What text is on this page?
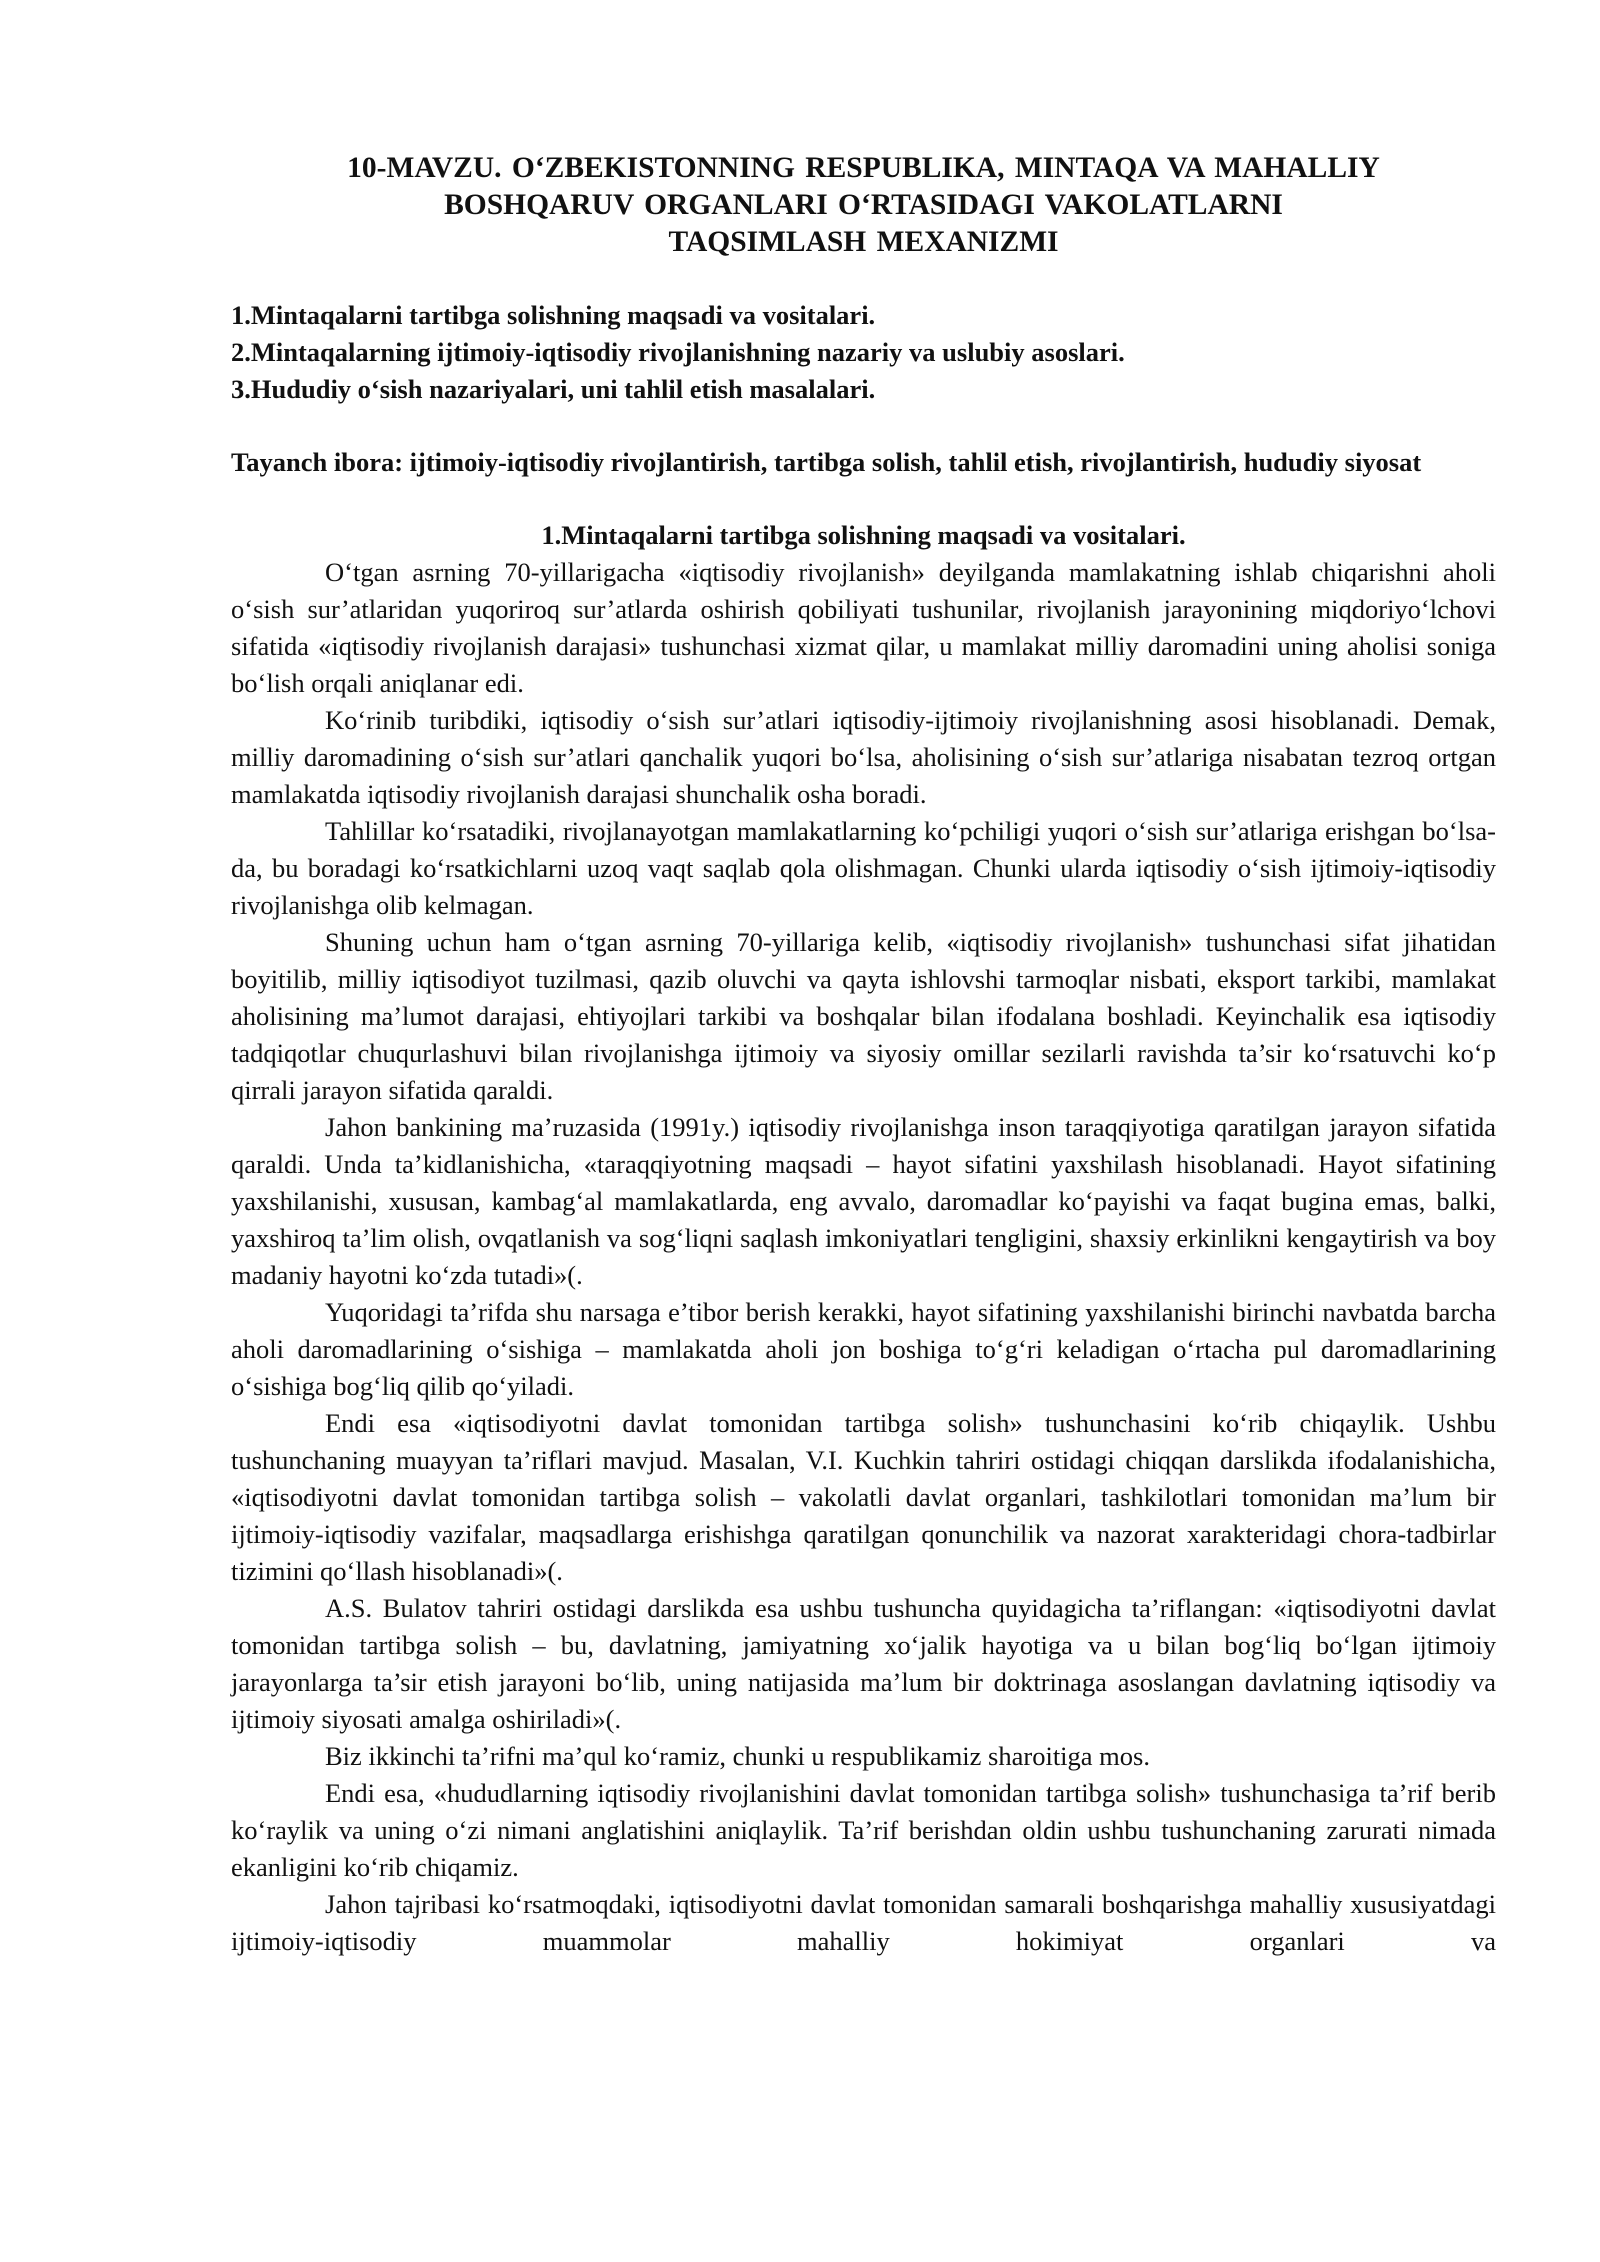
10-MAVZU. O‘ZBEKISTONNING RESPUBLIKA, MINTAQA VA MAHALLIY
BOSHQARUV ORGANLARI O‘RTASIDAGI VAKOLATLARNI
TAQSIMLASH MEXANIZMI
1.Mintaqalarni tartibga solishning maqsadi va vositalari.
2.Mintaqalarning ijtimoiy-iqtisodiy rivojlanishning nazariy va uslubiy asoslari.
3.Hududiy o‘sish nazariyalari, uni tahlil etish masalalari.

Tayanch ibora: ijtimoiy-iqtisodiy rivojlantirish, tartibga solish, tahlil etish, rivojlantirish, hududiy siyosat

1.Mintaqalarni tartibga solishning maqsadi va vositalari.

O‘tgan asrning 70-yillarigacha «iqtisodiy rivojlanish» deyilganda mamlakatning ishlab chiqarishni aholi o‘sish sur’atlaridan yuqoriroq sur’atlarda oshirish qobiliyati tushunilar, rivojlanish jarayonining miqdoriyo‘lchovi sifatida «iqtisodiy rivojlanish darajasi» tushunchasi xizmat qilar, u mamlakat milliy daromadini uning aholisi soniga bo‘lish orqali aniqlanar edi.

Ko‘rinib turibdiki, iqtisodiy o‘sish sur’atlari iqtisodiy-ijtimoiy rivojlanishning asosi hisoblanadi. Demak, milliy daromadining o‘sish sur’atlari qanchalik yuqori bo‘lsa, aholisining o‘sish sur’atlariga nisabatan tezroq ortgan mamlakatda iqtisodiy rivojlanish darajasi shunchalik osha boradi.

Tahlillar ko‘rsatadiki, rivojlanayotgan mamlakatlarning ko‘pchiligi yuqori o‘sish sur’atlariga erishgan bo‘lsa-da, bu boradagi ko‘rsatkichlarni uzoq vaqt saqlab qola olishmagan. Chunki ularda iqtisodiy o‘sish ijtimoiy-iqtisodiy rivojlanishga olib kelmagan.

Shuning uchun ham o‘tgan asrning 70-yillariga kelib, «iqtisodiy rivojlanish» tushunchasi sifat jihatidan boyitilib, milliy iqtisodiyot tuzilmasi, qazib oluvchi va qayta ishlovshi tarmoqlar nisbati, eksport tarkibi, mamlakat aholisining ma’lumot darajasi, ehtiyojlari tarkibi va boshqalar bilan ifodalana boshladi. Keyinchalik esa iqtisodiy tadqiqotlar chuqurlashuvi bilan rivojlanishga ijtimoiy va siyosiy omillar sezilarli ravishda ta’sir ko‘rsatuvchi ko‘p qirrali jarayon sifatida qaraldi.

Jahon bankining ma’ruzasida (1991y.) iqtisodiy rivojlanishga inson taraqqiyotiga qaratilgan jarayon sifatida qaraldi. Unda ta’kidlanishicha, «taraqqiyotning maqsadi – hayot sifatini yaxshilash hisoblanadi. Hayot sifatining yaxshilanishi, xususan, kambag‘al mamlakatlarda, eng avvalo, daromadlar ko‘payishi va faqat bugina emas, balki, yaxshiroq ta’lim olish, ovqatlanish va sog‘liqni saqlash imkoniyatlari tengligini, shaxsiy erkinlikni kengaytirish va boy madaniy hayotni ko‘zda tutadi»(.

Yuqoridagi ta’rifda shu narsaga e’tibor berish kerakki, hayot sifatining yaxshilanishi birinchi navbatda barcha aholi daromadlarining o‘sishiga – mamlakatda aholi jon boshiga to‘g‘ri keladigan o‘rtacha pul daromadlarining o‘sishiga bog‘liq qilib qo‘yiladi.

Endi esa «iqtisodiyotni davlat tomonidan tartibga solish» tushunchasini ko‘rib chiqaylik. Ushbu tushunchaning muayyan ta’riflari mavjud. Masalan, V.I. Kuchkin tahriri ostidagi chiqqan darslikda ifodalanishicha, «iqtisodiyotni davlat tomonidan tartibga solish – vakolatli davlat organlari, tashkilotlari tomonidan ma’lum bir ijtimoiy-iqtisodiy vazifalar, maqsadlarga erishishga qaratilgan qonunchilik va nazorat xarakteridagi chora-tadbirlar tizimini qo‘llash hisoblanadi»(.

A.S. Bulatov tahriri ostidagi darslikda esa ushbu tushuncha quyidagicha ta’riflangan: «iqtisodiyotni davlat tomonidan tartibga solish – bu, davlatning, jamiyatning xo‘jalik hayotiga va u bilan bog‘liq bo‘lgan ijtimoiy jarayonlarga ta’sir etish jarayoni bo‘lib, uning natijasida ma’lum bir doktrinaga asoslangan davlatning iqtisodiy va ijtimoiy siyosati amalga oshiriladi»(.

Biz ikkinchi ta’rifni ma’qul ko‘ramiz, chunki u respublikamiz sharoitiga mos.

Endi esa, «hududlarning iqtisodiy rivojlanishini davlat tomonidan tartibga solish» tushunchasiga ta’rif berib ko‘raylik va uning o‘zi nimani anglatishini aniqlaylik. Ta’rif berishdan oldin ushbu tushunchaning zarurati nimada ekanligini ko‘rib chiqamiz.

Jahon tajribasi ko‘rsatmoqdaki, iqtisodiyotni davlat tomonidan samarali boshqarishga mahalliy xususiyatdagi ijtimoiy-iqtisodiy muammolar mahalliy hokimiyat organlari va
